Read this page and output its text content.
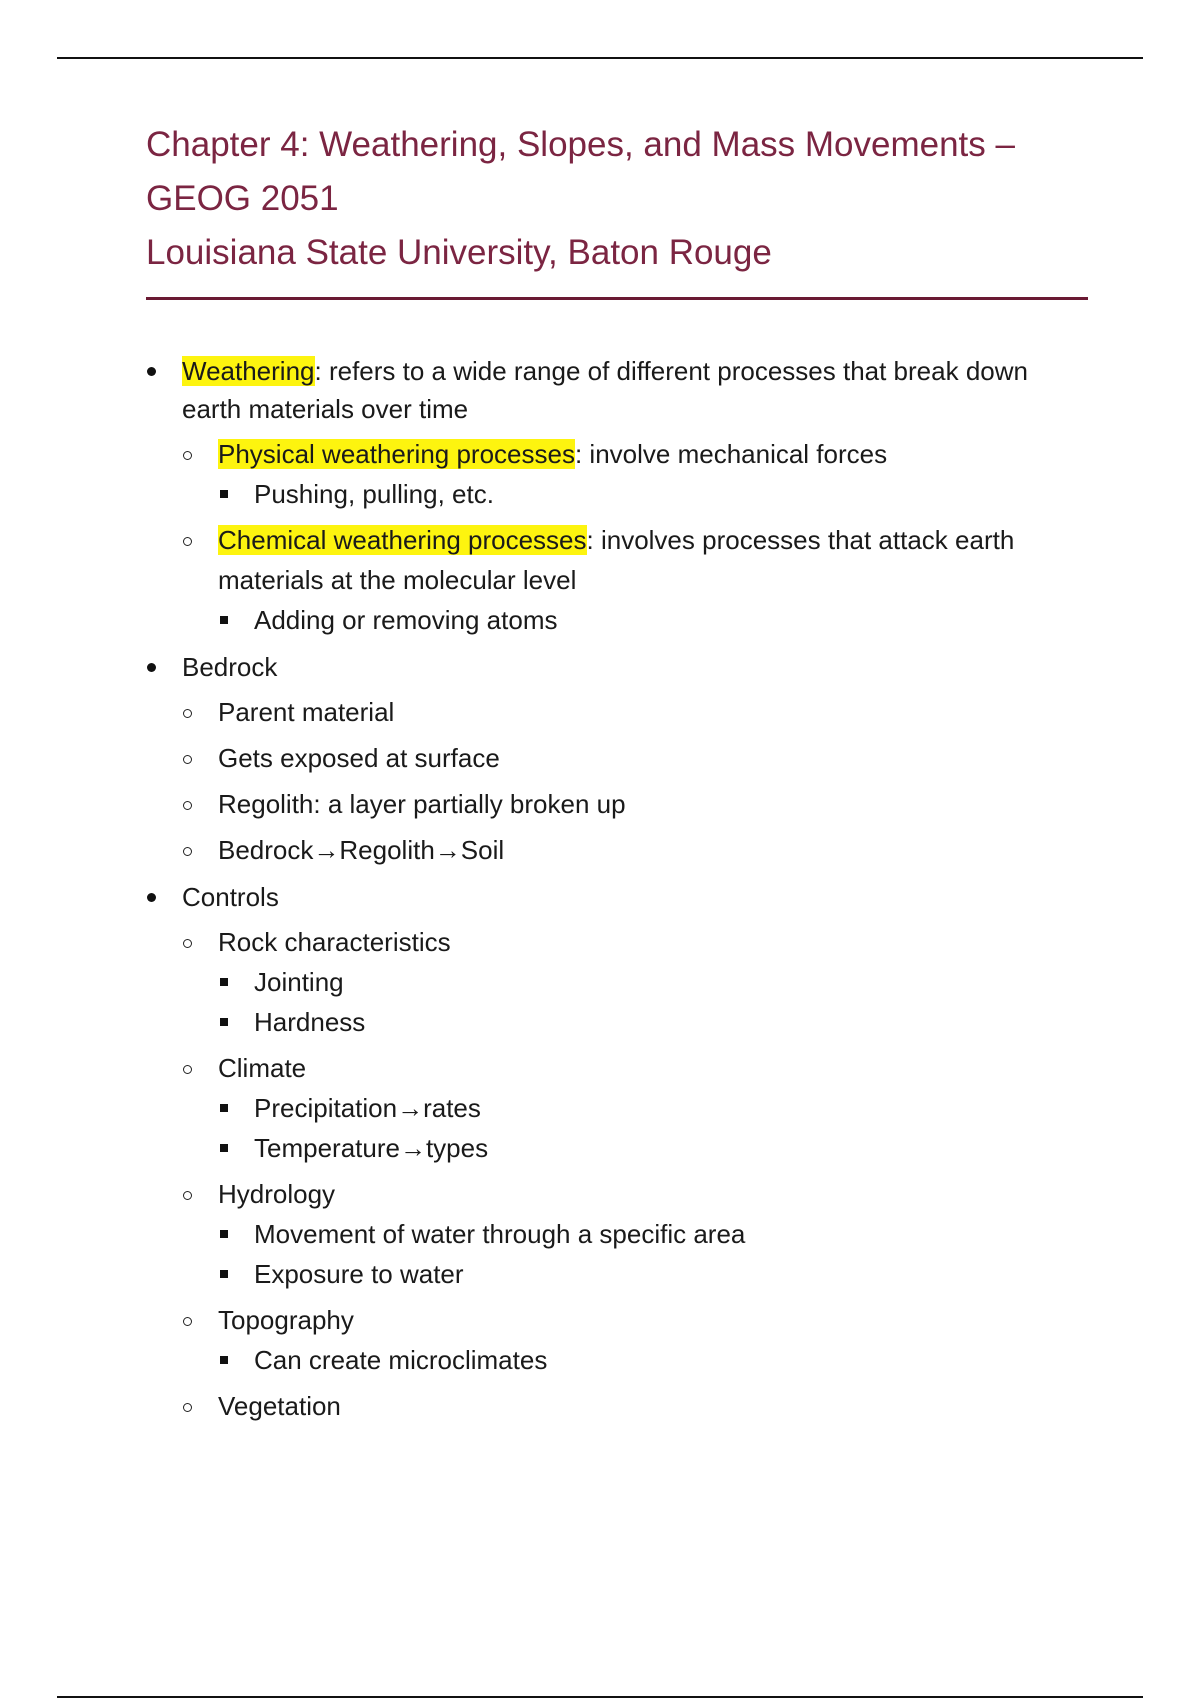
Chapter 4: Weathering, Slopes, and Mass Movements –
GEOG 2051
Louisiana State University, Baton Rouge
Weathering: refers to a wide range of different processes that break down earth materials over time
Physical weathering processes: involve mechanical forces
Pushing, pulling, etc.
Chemical weathering processes: involves processes that attack earth materials at the molecular level
Adding or removing atoms
Bedrock
Parent material
Gets exposed at surface
Regolith: a layer partially broken up
Bedrock→Regolith→Soil
Controls
Rock characteristics
Jointing
Hardness
Climate
Precipitation→rates
Temperature→types
Hydrology
Movement of water through a specific area
Exposure to water
Topography
Can create microclimates
Vegetation
